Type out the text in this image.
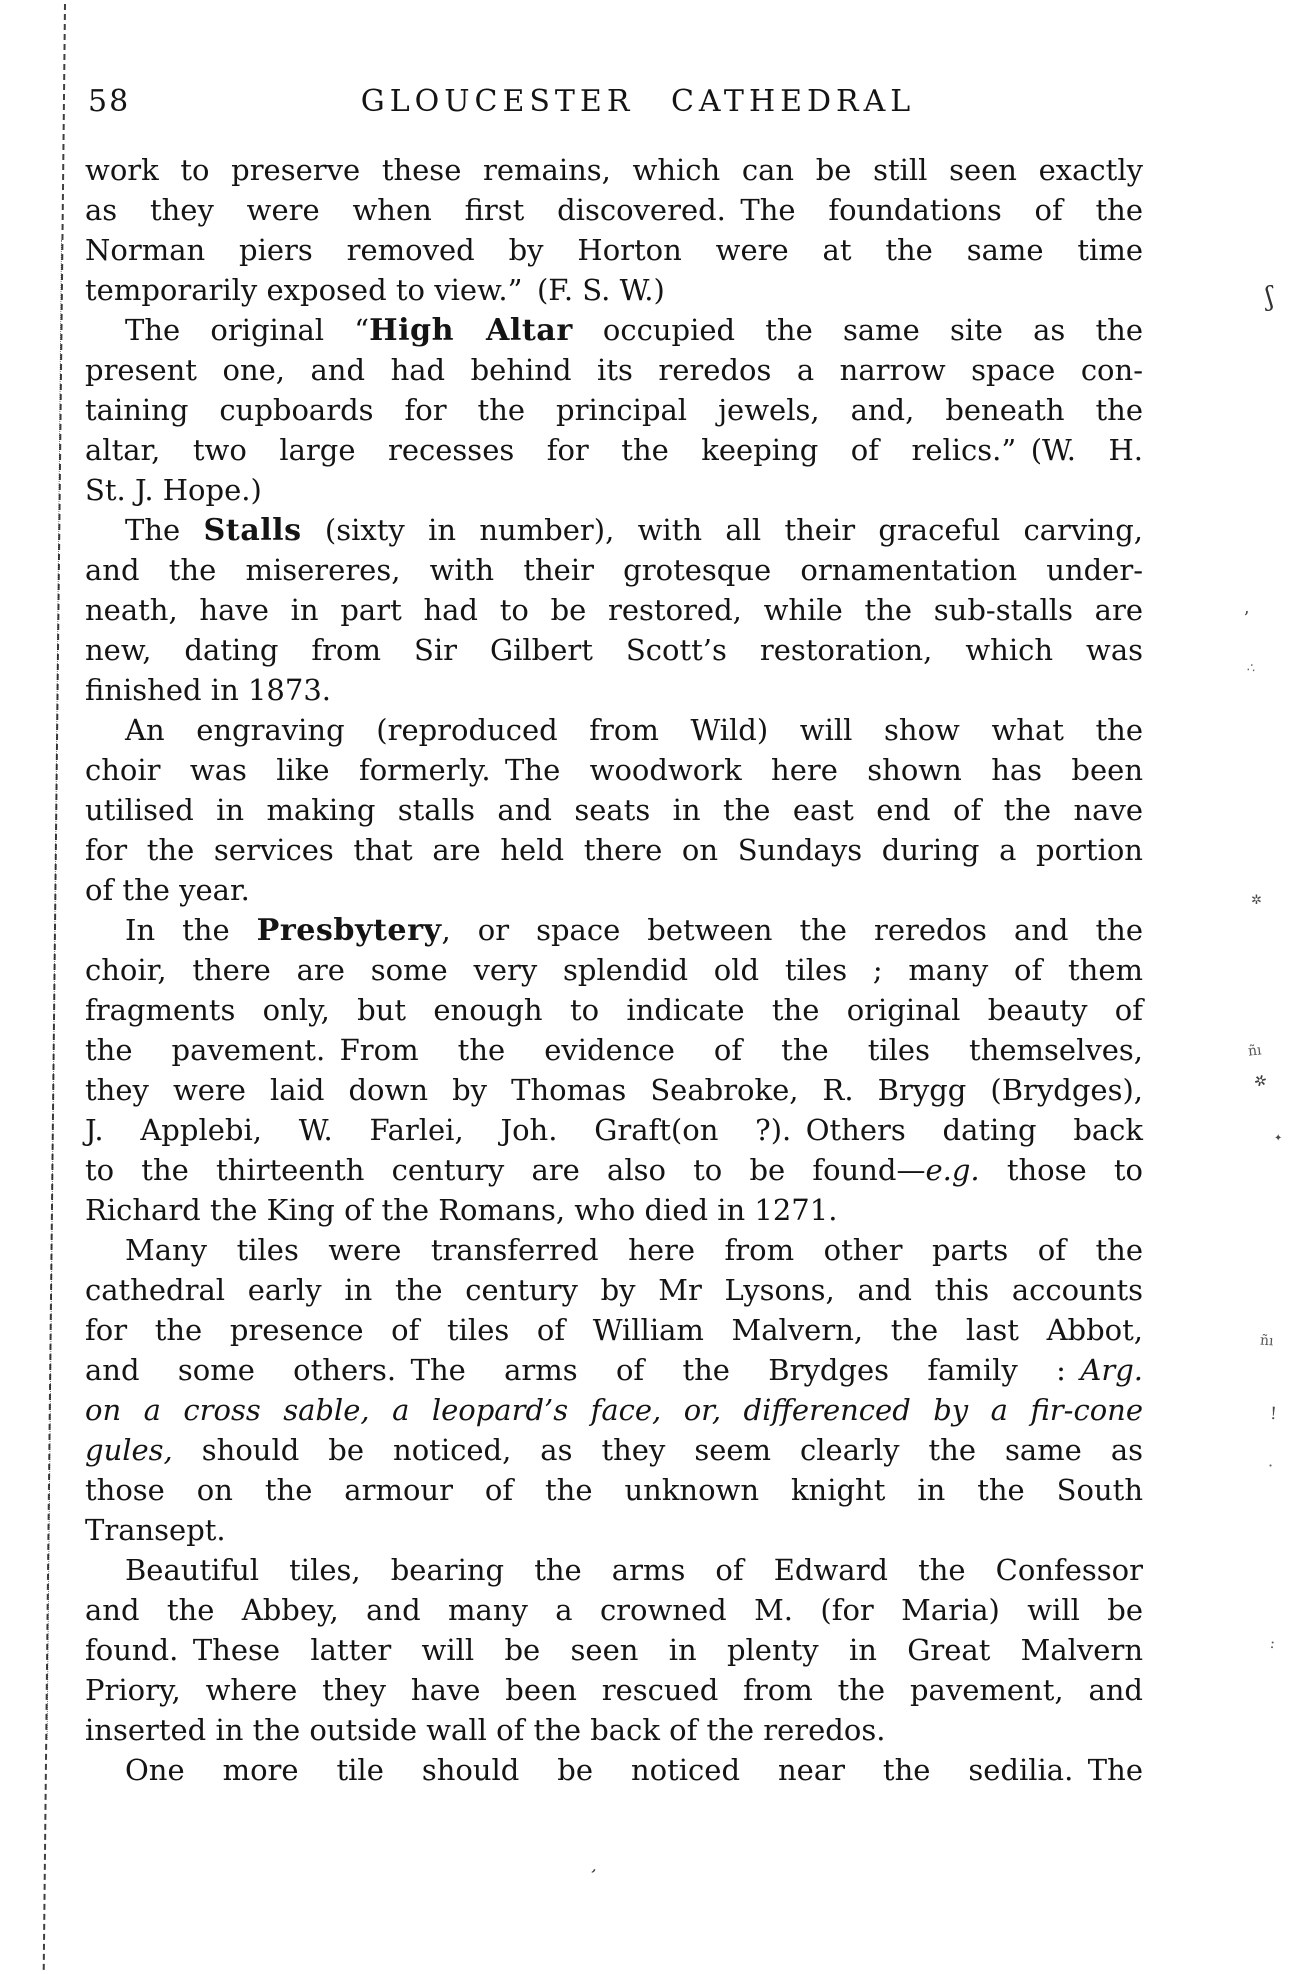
58	GLOUCESTER CATHEDRAL
work to preserve these remains, which can be still seen exactly
as they were when first discovered. The foundations of the
Norman piers removed by Horton were at the same time
temporarily exposed to view.” (F. S. W.)
The original “High Altar occupied the same site as the
present one, and had behind its reredos a narrow space con-
taining cupboards for the principal jewels, and, beneath the
altar, two large recesses for the keeping of relics.” (W. H.
St. J. Hope.)
The Stalls (sixty in number), with all their graceful carving,
and the misereres, with their grotesque ornamentation under-
neath, have in part had to be restored, while the sub-stalls are
new, dating from Sir Gilbert Scott’s restoration, which was
finished in 1873.
An engraving (reproduced from Wild) will show what the
choir was like formerly. The woodwork here shown has been
utilised in making stalls and seats in the east end of the nave
for the services that are held there on Sundays during a portion
of the year.
In the Presbytery, or space between the reredos and the
choir, there are some very splendid old tiles ; many of them
fragments only, but enough to indicate the original beauty of
the pavement. From the evidence of the tiles themselves,
they were laid down by Thomas Seabroke, R. Brygg (Brydges),
J. Applebi, W. Farlei, Joh. Graft(on ?). Others dating back
to the thirteenth century are also to be found—e.g. those to
Richard the King of the Romans, who died in 1271.
Many tiles were transferred here from other parts of the
cathedral early in the century by Mr Lysons, and this accounts
for the presence of tiles of William Malvern, the last Abbot,
and some others. The arms of the Brydges family : Arg.
on a cross sable, a leopard’s face, or, differenced by a fir-cone
gules, should be noticed, as they seem clearly the same as
those on the armour of the unknown knight in the South
Transept.
Beautiful tiles, bearing the arms of Edward the Confessor
and the Abbey, and many a crowned M. (for Maria) will be
found. These latter will be seen in plenty in Great Malvern
Priory, where they have been rescued from the pavement, and
inserted in the outside wall of the back of the reredos.
One more tile should be noticed near the sedilia. The
ʃ
ʼ
∴
✲
ñı
✲
✦
ñı
!
·
:
ʼ
